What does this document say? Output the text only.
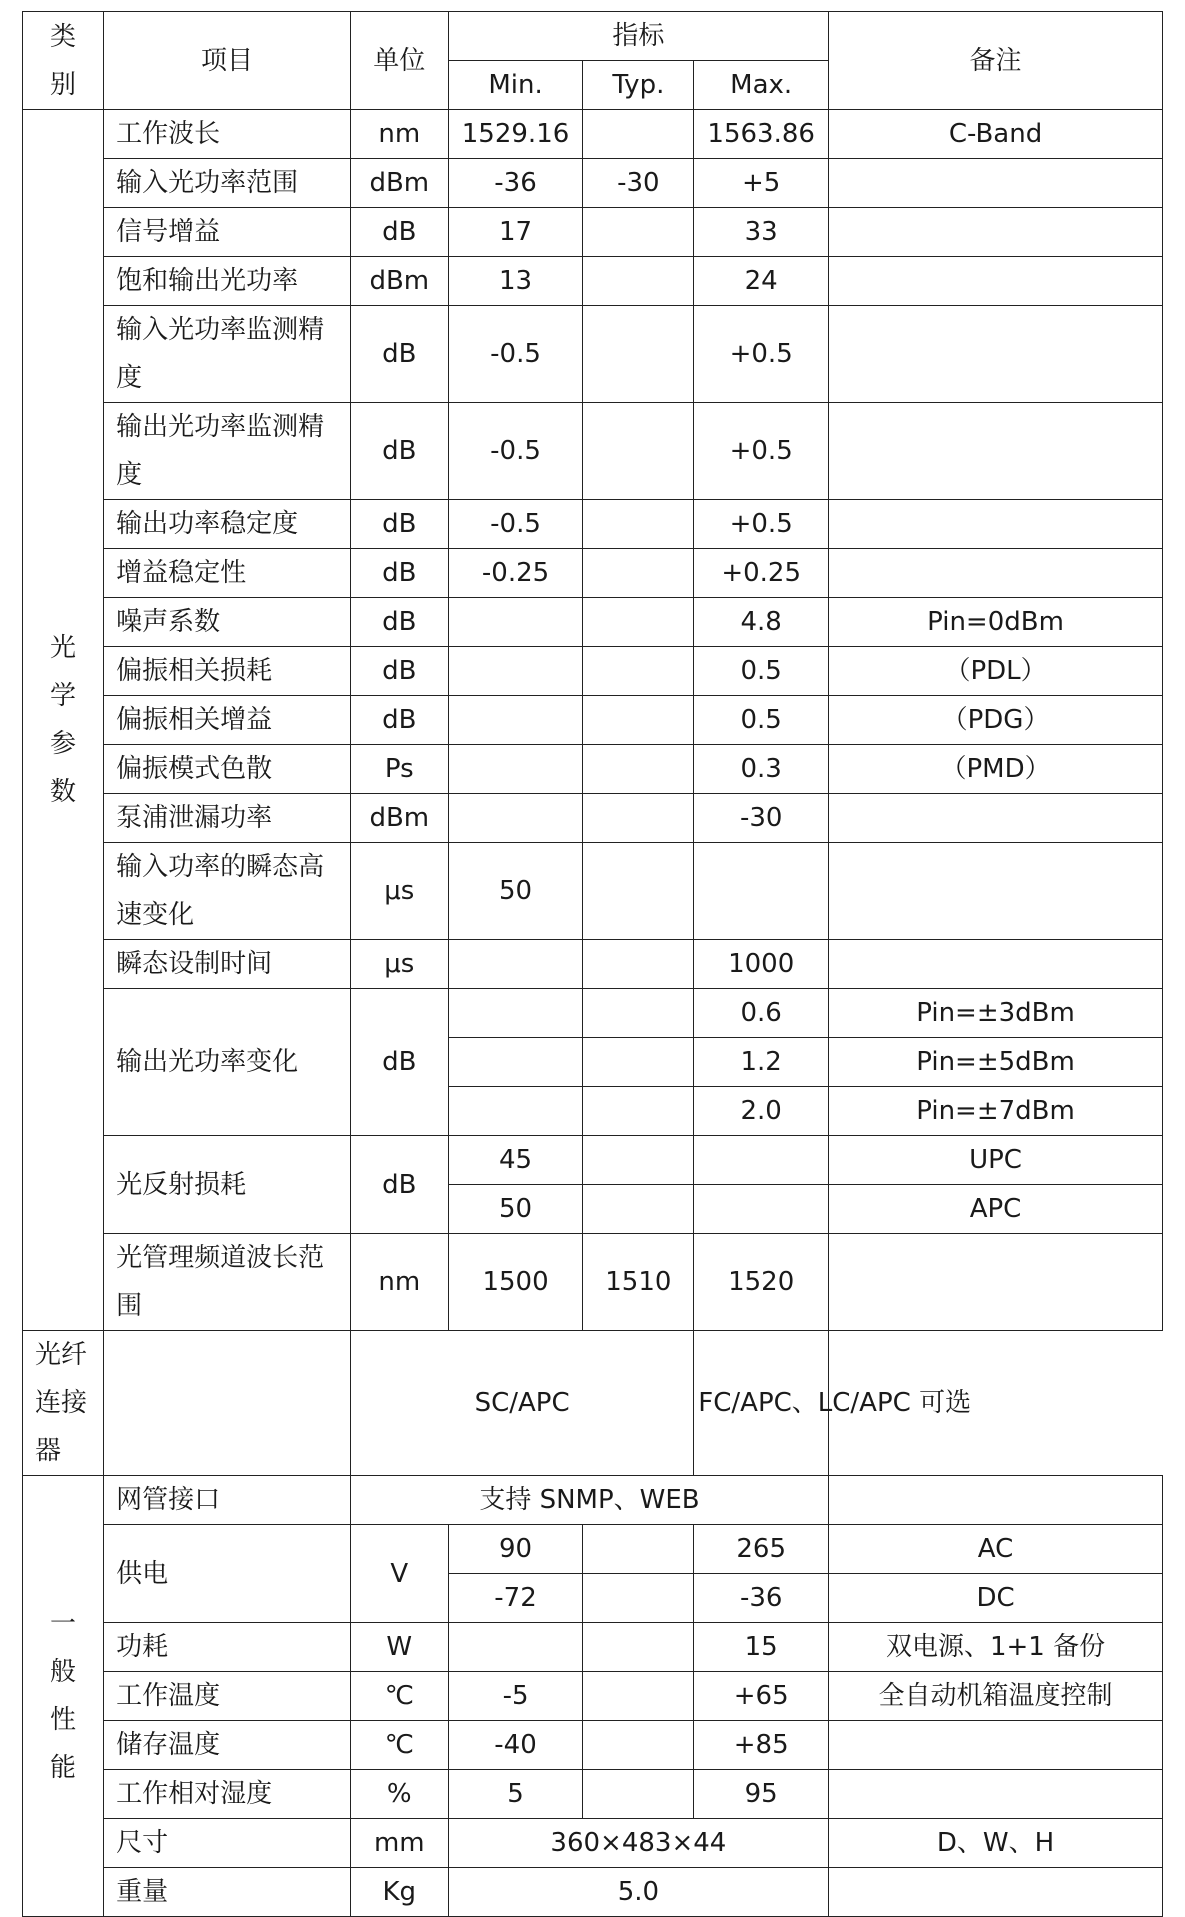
类别	项目	单位	指标			备注
			Min.	Typ.	Max.	
光学参数	工作波长	nm	1529.16		1563.86	C-Band
	输入光功率范围	dBm	-36	-30	+5	
	信号增益	dB	17		33	
	饱和输出光功率	dBm	13		24	
	输入光功率监测精度	dB	-0.5		+0.5	
	输出光功率监测精度	dB	-0.5		+0.5	
	输出功率稳定度	dB	-0.5		+0.5	
	增益稳定性	dB	-0.25		+0.25	
	噪声系数	dB			4.8	Pin=0dBm
	偏振相关损耗	dB			0.5	（PDL）
	偏振相关增益	dB			0.5	（PDG）
	偏振模式色散	Ps			0.3	（PMD）
	泵浦泄漏功率	dBm			-30	
	输入功率的瞬态高速变化	μs	50			
	瞬态设制时间	μs			1000	
	输出光功率变化	dB			0.6	Pin=±3dBm
					1.2	Pin=±5dBm
					2.0	Pin=±7dBm
	光反射损耗	dB	45			UPC
			50			APC
	光管理频道波长范围	nm	1500	1510	1520	
光纤连接器		SC/APC			FC/APC、LC/APC 可选	
一般性能	网管接口	支持 SNMP、WEB				
	供电	V	90		265	AC
			-72		-36	DC
	功耗	W			15	双电源、1+1 备份
	工作温度	℃	-5		+65	全自动机箱温度控制
	储存温度	℃	-40		+85	
	工作相对湿度	%	5		95	
	尺寸	mm	360×483×44			D、W、H
	重量	Kg	5.0			
